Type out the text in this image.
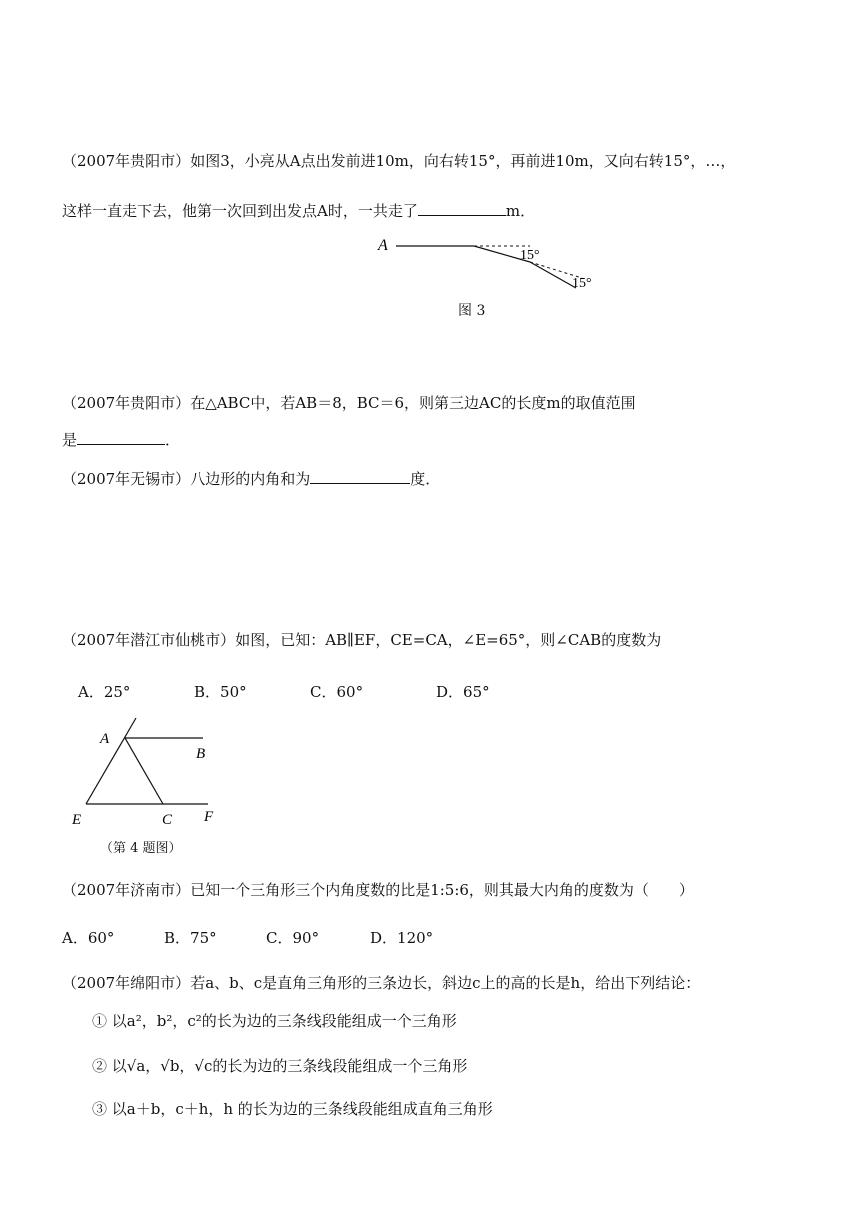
（2007年贵阳市）如图3，小亮从A点出发前进10m，向右转15°，再前进10m，又向右转15°，…，
这样一直走下去，他第一次回到出发点A时，一共走了	m．
A
15°
15°
图 3
（2007年贵阳市）在△ABC中，若AB＝8，BC＝6，则第三边AC的长度m的取值范围
是	．
（2007年无锡市）八边形的内角和为	度．
（2007年潜江市仙桃市）如图，已知：AB∥EF，CE=CA，∠E=65°，则∠CAB的度数为
A．25°	B．50°	C．60°	D．65°
A
B
E	C F
（第 4 题图）
（2007年济南市）已知一个三角形三个内角度数的比是1:5:6，则其最大内角的度数为（　　）
A．60°	B．75°	C．90°	D．120°
（2007年绵阳市）若a、b、c是直角三角形的三条边长，斜边c上的高的长是h，给出下列结论：
① 以a²，b²，c²的长为边的三条线段能组成一个三角形
② 以√a，√b，√c的长为边的三条线段能组成一个三角形
③ 以a＋b，c＋h，h 的长为边的三条线段能组成直角三角形
